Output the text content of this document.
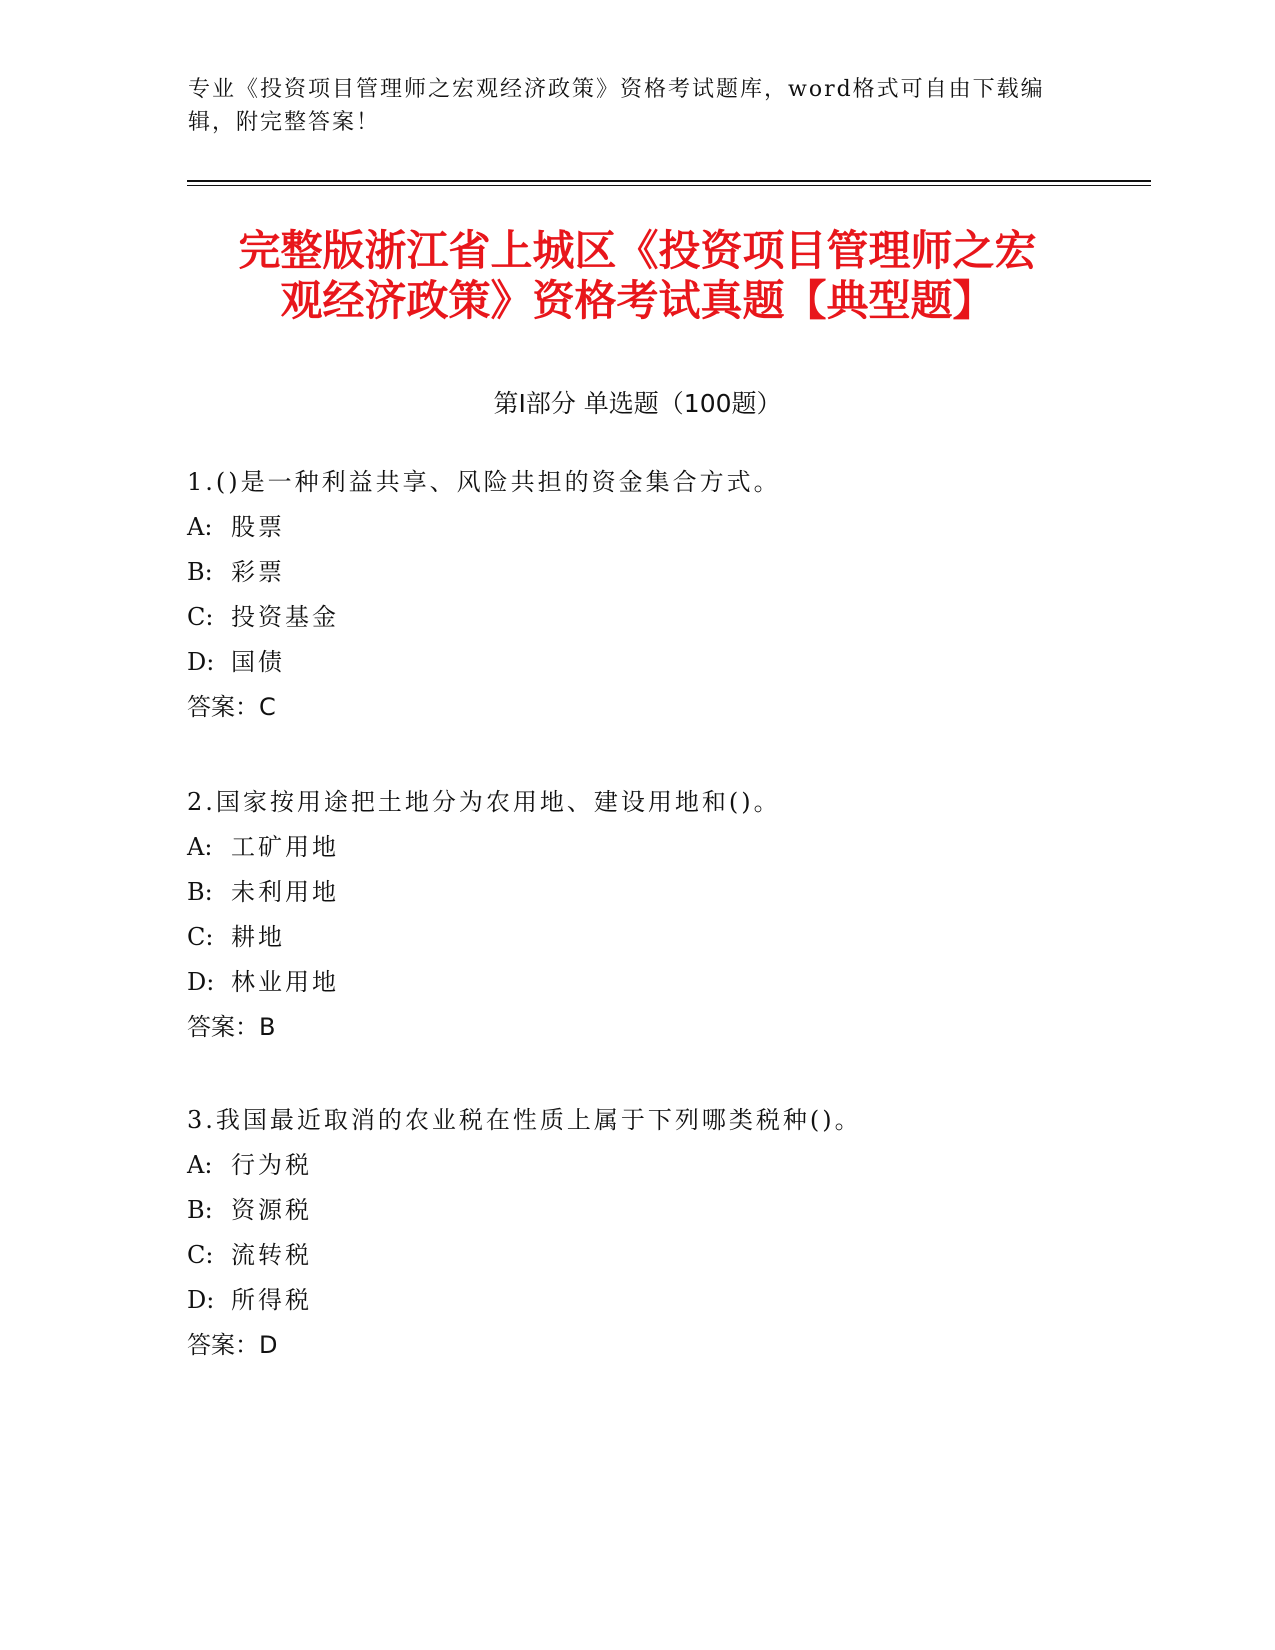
专业《投资项目管理师之宏观经济政策》资格考试题库，word格式可自由下载编辑，附完整答案！
完整版浙江省上城区《投资项目管理师之宏
观经济政策》资格考试真题【典型题】
第Ⅰ部分 单选题（100题）
1.()是一种利益共享、风险共担的资金集合方式。
A: 股票
B: 彩票
C: 投资基金
D: 国债
答案：C
2.国家按用途把土地分为农用地、建设用地和()。
A: 工矿用地
B: 未利用地
C: 耕地
D: 林业用地
答案：B
3.我国最近取消的农业税在性质上属于下列哪类税种()。
A: 行为税
B: 资源税
C: 流转税
D: 所得税
答案：D
